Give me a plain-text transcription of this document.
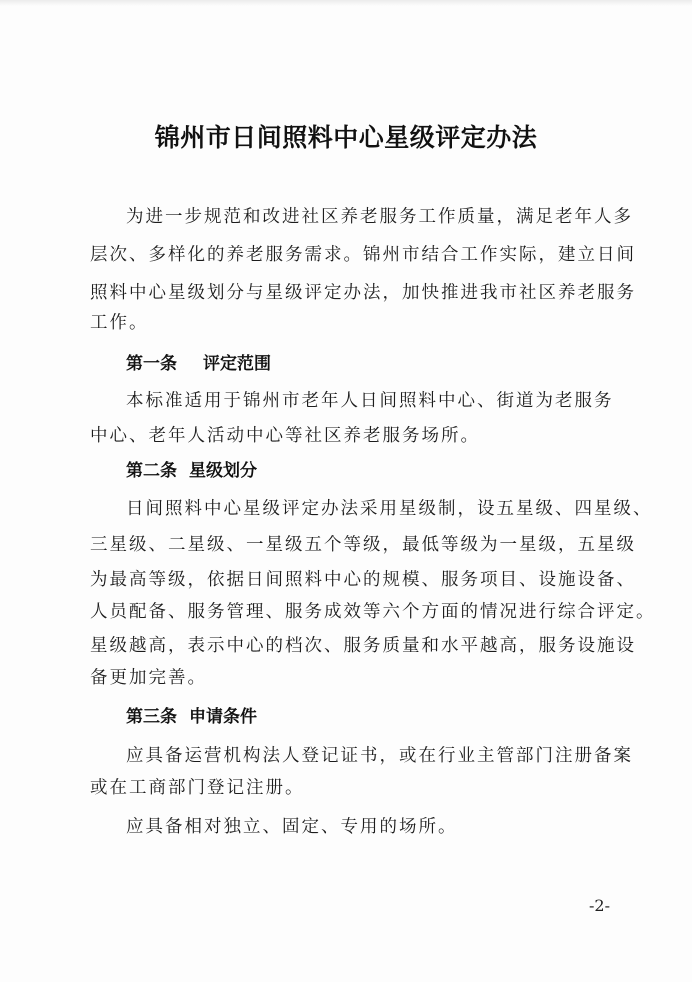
锦州市日间照料中心星级评定办法
为进一步规范和改进社区养老服务工作质量，满足老年人多
层次、多样化的养老服务需求。锦州市结合工作实际，建立日间
照料中心星级划分与星级评定办法，加快推进我市社区养老服务
工作。
第一条 评定范围
本标准适用于锦州市老年人日间照料中心、街道为老服务
中心、老年人活动中心等社区养老服务场所。
第二条 星级划分
日间照料中心星级评定办法采用星级制，设五星级、四星级、
三星级、二星级、一星级五个等级，最低等级为一星级，五星级
为最高等级，依据日间照料中心的规模、服务项目、设施设备、
人员配备、服务管理、服务成效等六个方面的情况进行综合评定。
星级越高，表示中心的档次、服务质量和水平越高，服务设施设
备更加完善。
第三条 申请条件
应具备运营机构法人登记证书，或在行业主管部门注册备案
或在工商部门登记注册。
应具备相对独立、固定、专用的场所。
-2-
